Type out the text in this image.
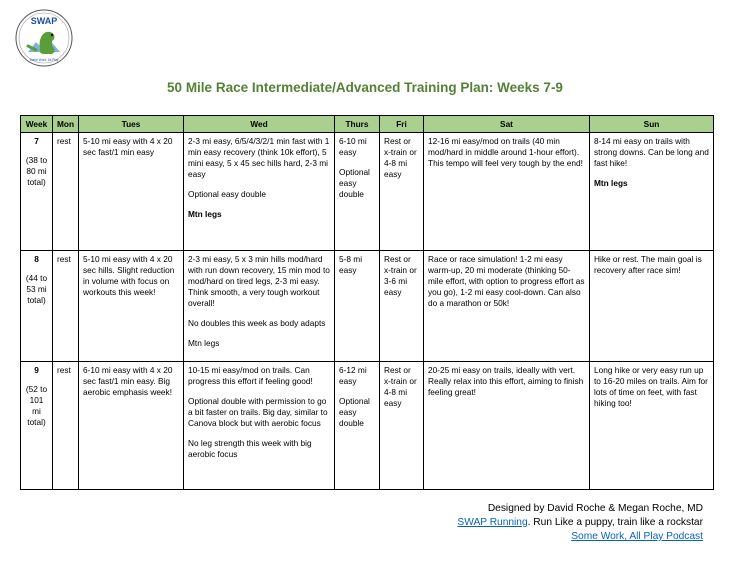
SWAP
Some Work, All Play
50 Mile Race Intermediate/Advanced Training Plan: Weeks 7-9
Week	Mon	Tues	Wed	Thurs	Fri	Sat	Sun

7
(38 to 80 mi total)	rest	5-10 mi easy with 4 x 20 sec fast/1 min easy	2-3 mi easy, 6/5/4/3/2/1 min fast with 1 min easy recovery (think 10k effort), 5 mini easy, 5 x 45 sec hills hard, 2-3 mi easy
Optional easy double
Mtn legs	6-10 mi easy
Optional easy double	Rest or x-train or 4-8 mi easy	12-16 mi easy/mod on trails (40 min mod/hard in middle around 1-hour effort). This tempo will feel very tough by the end!	8-14 mi easy on trails with strong downs. Can be long and fast hike!
Mtn legs

8
(44 to 53 mi total)	rest	5-10 mi easy with 4 x 20 sec hills. Slight reduction in volume with focus on workouts this week!	2-3 mi easy, 5 x 3 min hills mod/hard with run down recovery, 15 min mod to mod/hard on tired legs, 2-3 mi easy. Think smooth, a very tough workout overall!
No doubles this week as body adapts
Mtn legs	5-8 mi easy	Rest or x-train or 3-6 mi easy	Race or race simulation! 1-2 mi easy warm-up, 20 mi moderate (thinking 50-mile effort, with option to progress effort as you go), 1-2 mi easy cool-down. Can also do a marathon or 50k!	Hike or rest. The main goal is recovery after race sim!

9
(52 to 101 mi total)	rest	6-10 mi easy with 4 x 20 sec fast/1 min easy. Big aerobic emphasis week!	10-15 mi easy/mod on trails. Can progress this effort if feeling good!
Optional double with permission to go a bit faster on trails. Big day, similar to Canova block but with aerobic focus
No leg strength this week with big aerobic focus	6-12 mi easy
Optional easy double	Rest or x-train or 4-8 mi easy	20-25 mi easy on trails, ideally with vert. Really relax into this effort, aiming to finish feeling great!	Long hike or very easy run up to 16-20 miles on trails. Aim for lots of time on feet, with fast hiking too!
Designed by David Roche & Megan Roche, MD
SWAP Running. Run Like a puppy, train like a rockstar
Some Work, All Play Podcast
